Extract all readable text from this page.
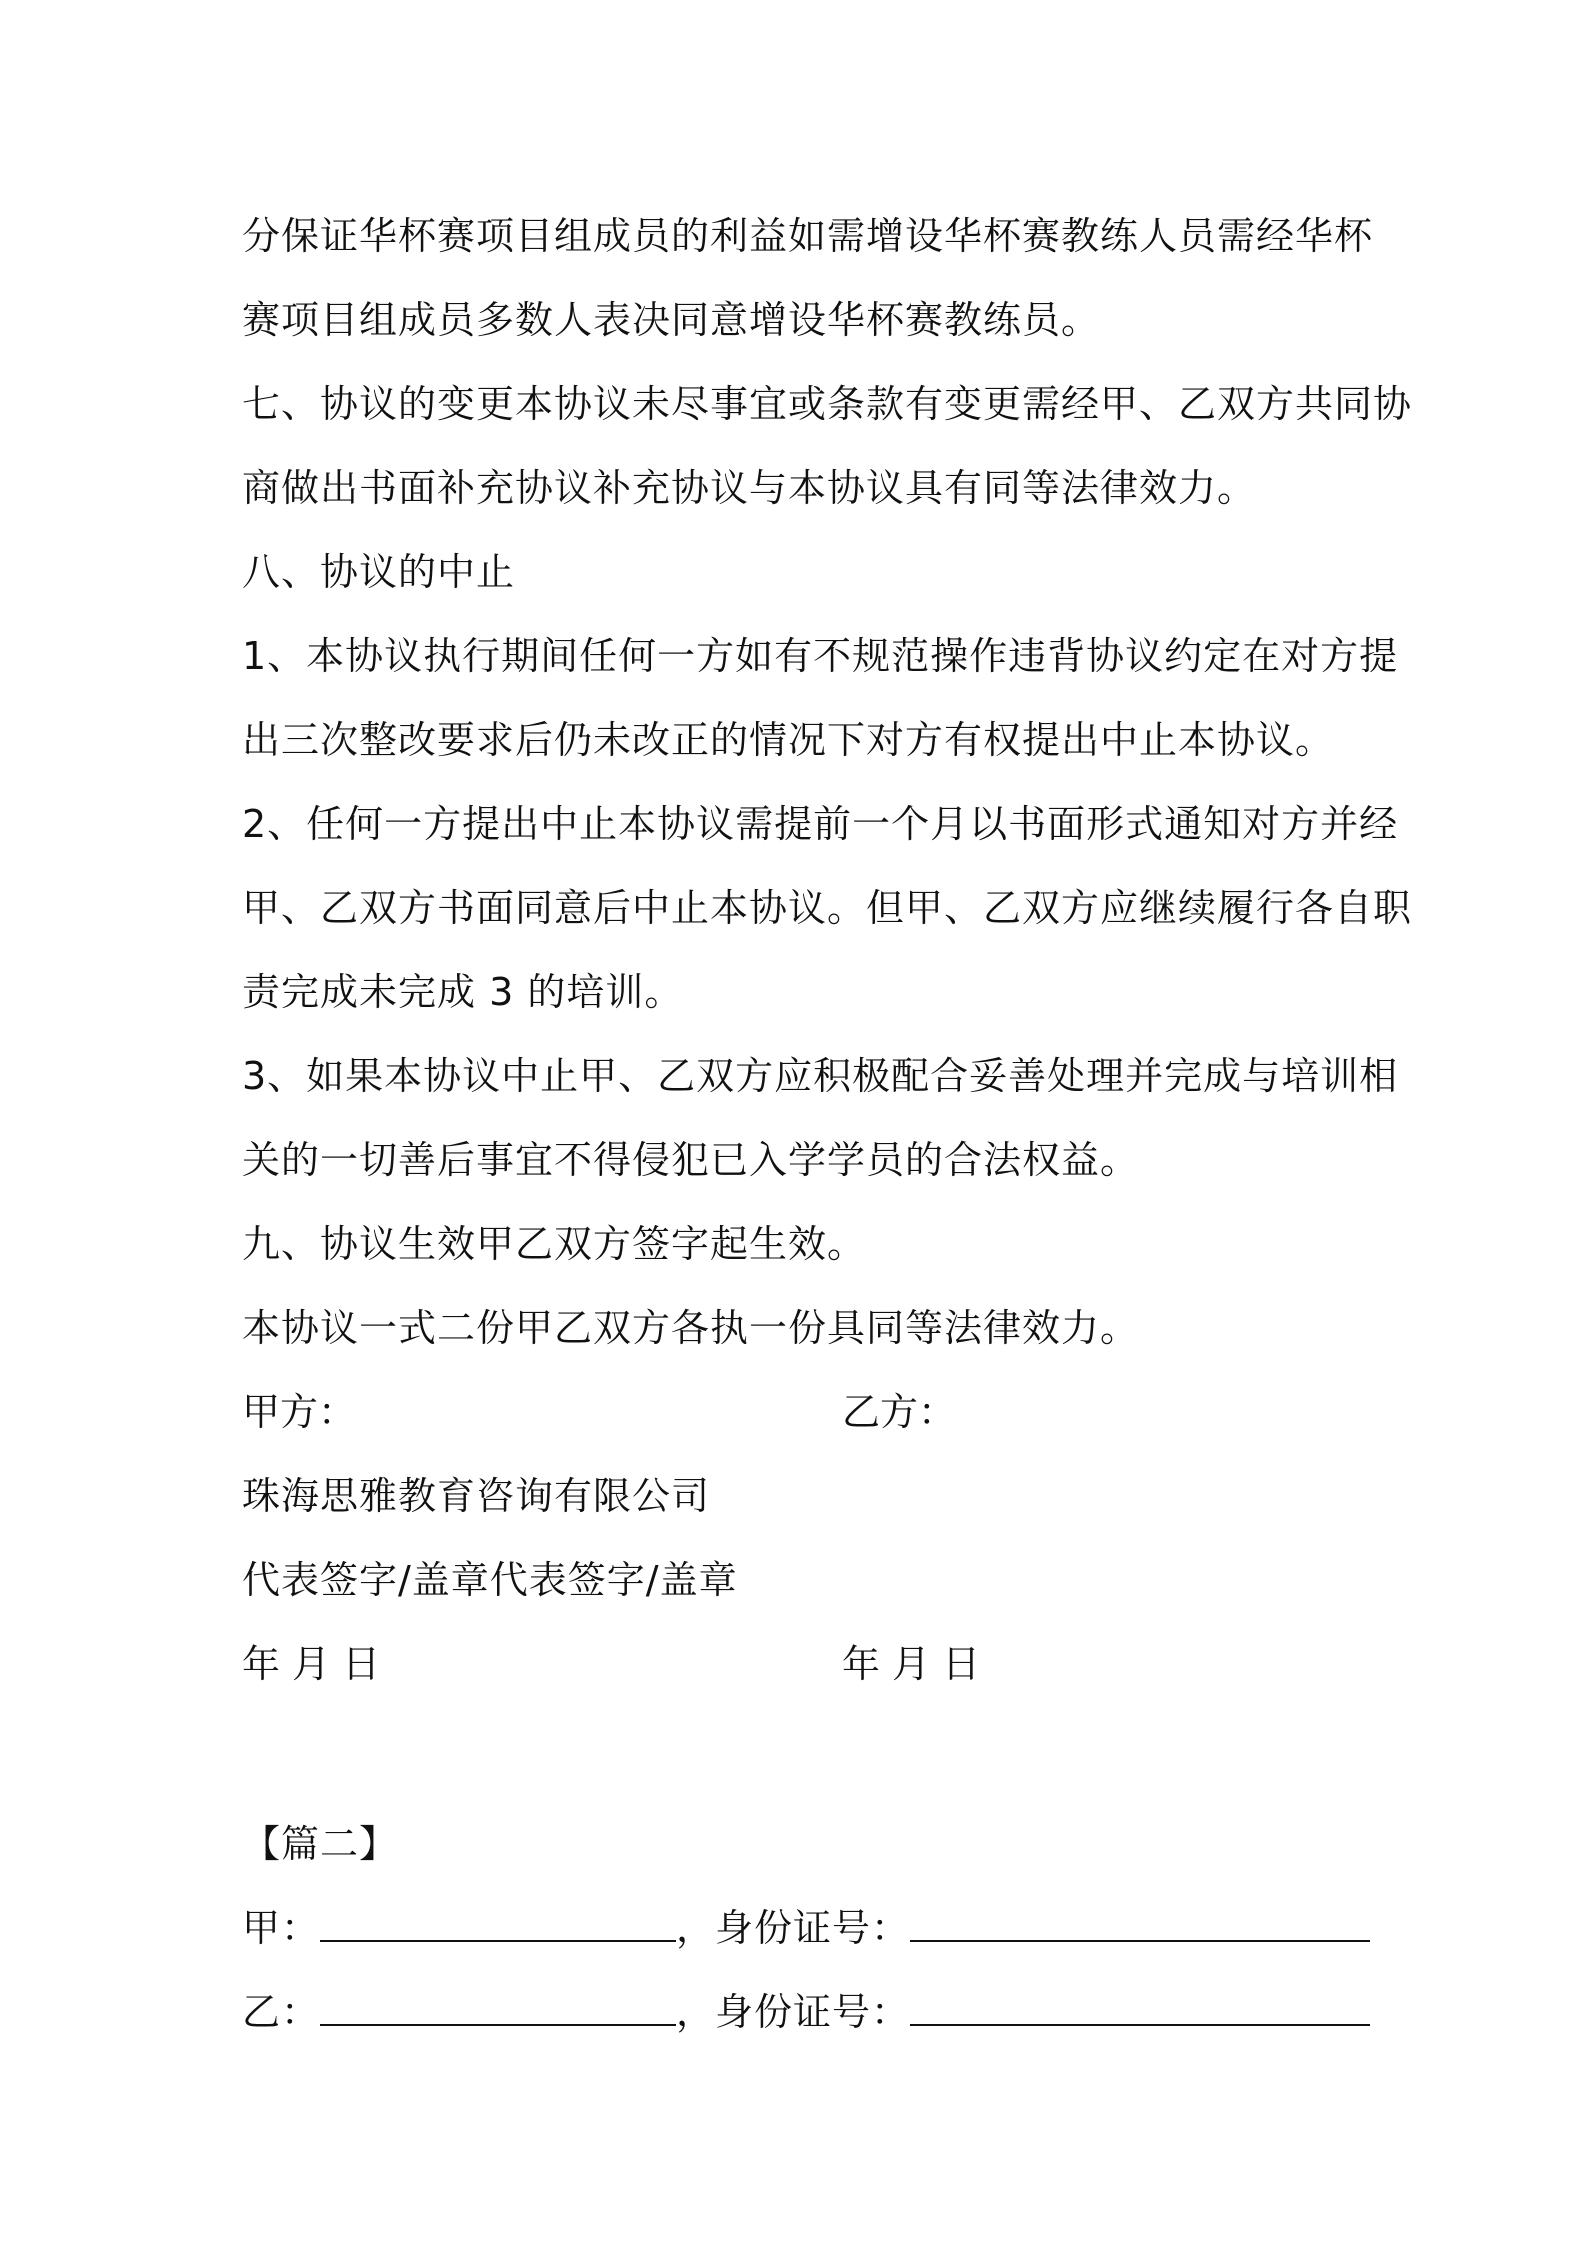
分保证华杯赛项目组成员的利益如需增设华杯赛教练人员需经华杯
赛项目组成员多数人表决同意增设华杯赛教练员。
七、协议的变更本协议未尽事宜或条款有变更需经甲、乙双方共同协
商做出书面补充协议补充协议与本协议具有同等法律效力。
八、协议的中止
1、本协议执行期间任何一方如有不规范操作违背协议约定在对方提
出三次整改要求后仍未改正的情况下对方有权提出中止本协议。
2、任何一方提出中止本协议需提前一个月以书面形式通知对方并经
甲、乙双方书面同意后中止本协议。但甲、乙双方应继续履行各自职
责完成未完成 3 的培训。
3、如果本协议中止甲、乙双方应积极配合妥善处理并完成与培训相
关的一切善后事宜不得侵犯已入学学员的合法权益。
九、协议生效甲乙双方签字起生效。
本协议一式二份甲乙双方各执一份具同等法律效力。
甲方：	乙方：
珠海思雅教育咨询有限公司
代表签字/盖章代表签字/盖章
年 月 日	年 月 日
【篇二】
甲：	，身份证号：
乙：	，身份证号：
